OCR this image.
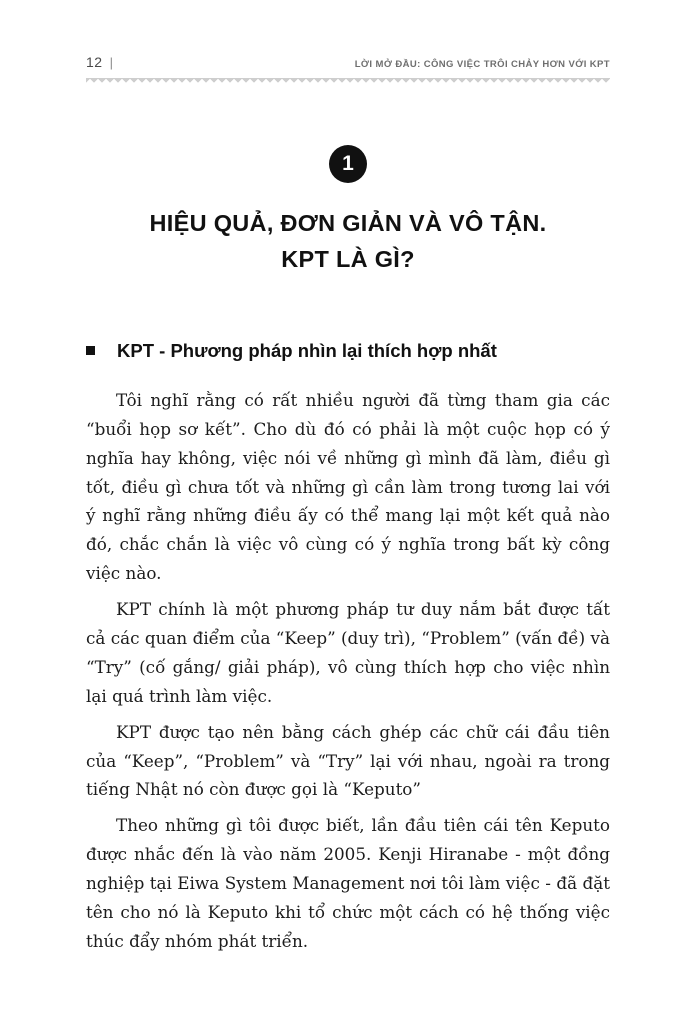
12 |	LỜI MỞ ĐẦU: CÔNG VIỆC TRÔI CHẢY HƠN VỚI KPT
1
HIỆU QUẢ, ĐƠN GIẢN VÀ VÔ TẬN.
KPT LÀ GÌ?
KPT - Phương pháp nhìn lại thích hợp nhất

Tôi nghĩ rằng có rất nhiều người đã từng tham gia các “buổi họp sơ kết”. Cho dù đó có phải là một cuộc họp có ý nghĩa hay không, việc nói về những gì mình đã làm, điều gì tốt, điều gì chưa tốt và những gì cần làm trong tương lai với ý nghĩ rằng những điều ấy có thể mang lại một kết quả nào đó, chắc chắn là việc vô cùng có ý nghĩa trong bất kỳ công việc nào.

KPT chính là một phương pháp tư duy nắm bắt được tất cả các quan điểm của “Keep” (duy trì), “Problem” (vấn đề) và “Try” (cố gắng/ giải pháp), vô cùng thích hợp cho việc nhìn lại quá trình làm việc.

KPT được tạo nên bằng cách ghép các chữ cái đầu tiên của “Keep”, “Problem” và “Try” lại với nhau, ngoài ra trong tiếng Nhật nó còn được gọi là “Keputo”

Theo những gì tôi được biết, lần đầu tiên cái tên Keputo được nhắc đến là vào năm 2005. Kenji Hiranabe - một đồng nghiệp tại Eiwa System Management nơi tôi làm việc - đã đặt tên cho nó là Keputo khi tổ chức một cách có hệ thống việc thúc đẩy nhóm phát triển.
